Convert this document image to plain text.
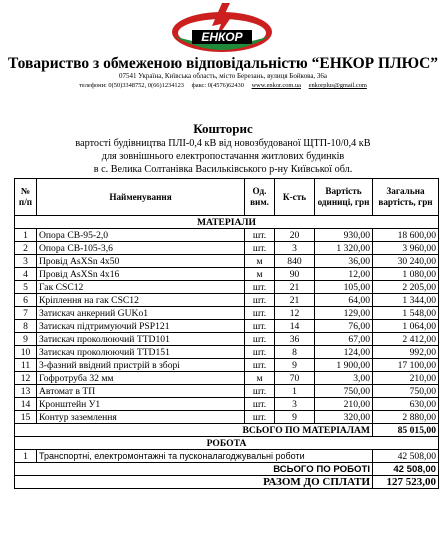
ЕНКОР
Товариство з обмеженою відповідальністю “ЕНКОР ПЛЮС”
07541 Україна, Київська область, місто Березань, вулиця Бойкова, 36а
телефони: 0(50)3348752, 0(66)1234123 факс: 0(4576)62430 www.enkor.com.ua enkorplus@gmail.com
Кошторис
вартості будівництва ПЛІ-0,4 кВ від новозбудованої ЩТП-10/0,4 кВ
для зовнішнього електропостачання житлових будинків
в с. Велика Солтанівка Васильківського р-ну Київської обл.
№ п/п	Найменування	Од. вим.	К-сть	Вартість одиниці, грн	Загальна вартість, грн
МАТЕРІАЛИ					
1	Опора СВ-95-2,0	шт.	20	930,00	18 600,00
2	Опора СВ-105-3,6	шт.	3	1 320,00	3 960,00
3	Провід AsXSn 4х50	м	840	36,00	30 240,00
4	Провід AsXSn 4х16	м	90	12,00	1 080,00
5	Гак CSC12	шт.	21	105,00	2 205,00
6	Кріплення на гак CSC12	шт.	21	64,00	1 344,00
7	Затискач анкерний GUKo1	шт.	12	129,00	1 548,00
8	Затискач підтримуючий PSP121	шт.	14	76,00	1 064,00
9	Затискач проколюючий TTD101	шт.	36	67,00	2 412,00
10	Затискач проколюючий TTD151	шт.	8	124,00	992,00
11	3-фазний ввідний пристрій в зборі	шт.	9	1 900,00	17 100,00
12	Гофротруба 32 мм	м	70	3,00	210,00
13	Автомат в ТП	шт.	1	750,00	750,00
14	Кронштейн У1	шт.	3	210,00	630,00
15	Контур заземлення	шт.	9	320,00	2 880,00
ВСЬОГО ПО МАТЕРІАЛАМ					85 015,00
РОБОТА					
1	Транспортні, електромонтажні та пусконалагоджувальні роботи				42 508,00
ВСЬОГО ПО РОБОТІ					42 508,00
РАЗОМ ДО СПЛАТИ					127 523,00
